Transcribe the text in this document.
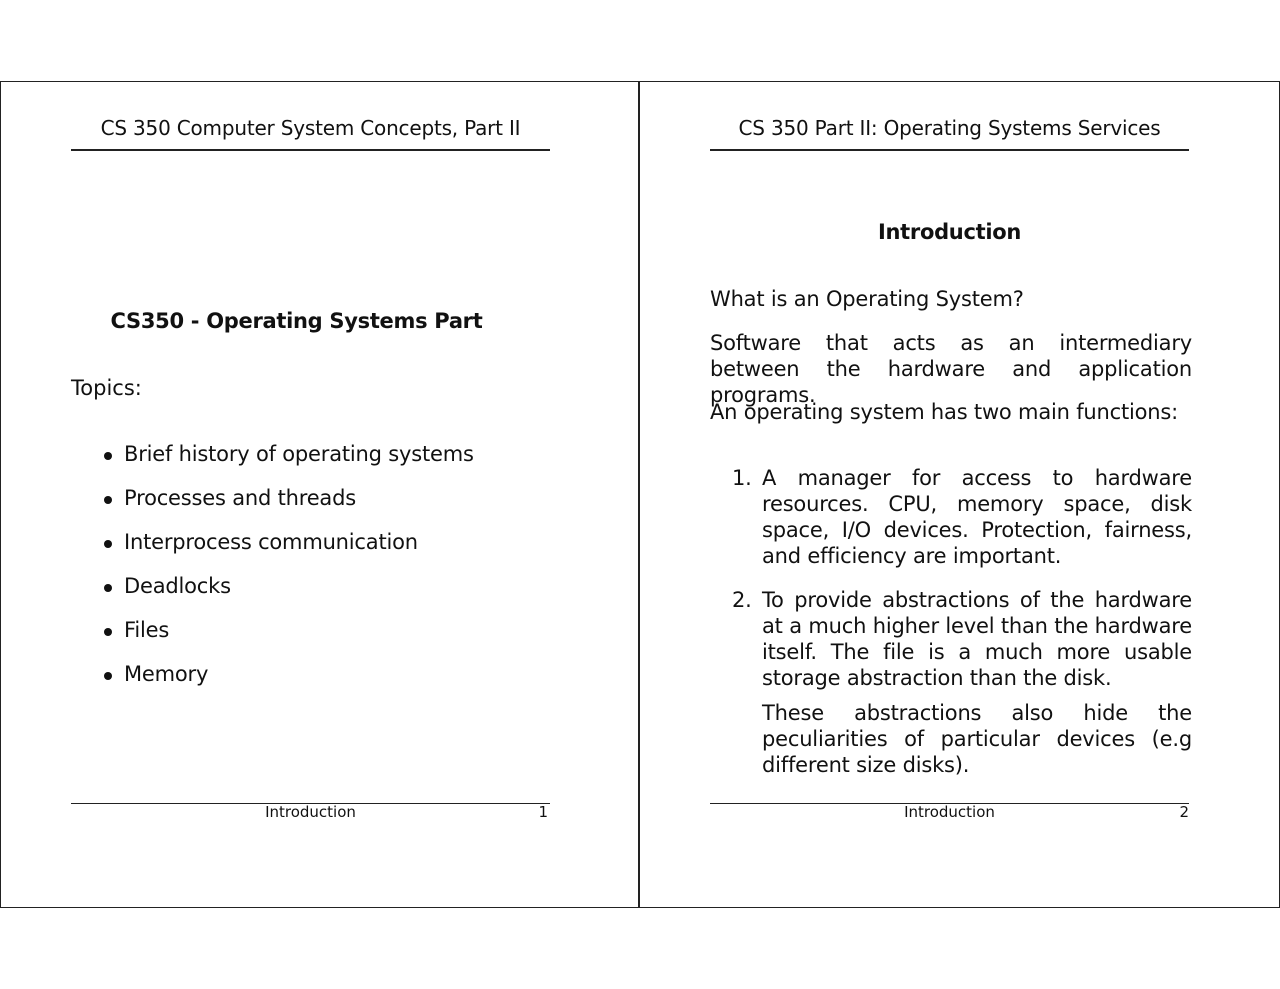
CS 350 Computer System Concepts, Part II
CS350 - Operating Systems Part
Topics:
Brief history of operating systems
Processes and threads
Interprocess communication
Deadlocks
Files
Memory
Introduction	1
CS 350 Part II: Operating Systems Services
Introduction
What is an Operating System?
Software that acts as an intermediary between the hardware and application programs.
An operating system has two main functions:
1. A manager for access to hardware resources. CPU, memory space, disk space, I/O devices. Protection, fairness, and efficiency are important.
2. To provide abstractions of the hardware at a much higher level than the hardware itself. The file is a much more usable storage abstraction than the disk.
These abstractions also hide the peculiarities of particular devices (e.g different size disks).
Introduction	2
